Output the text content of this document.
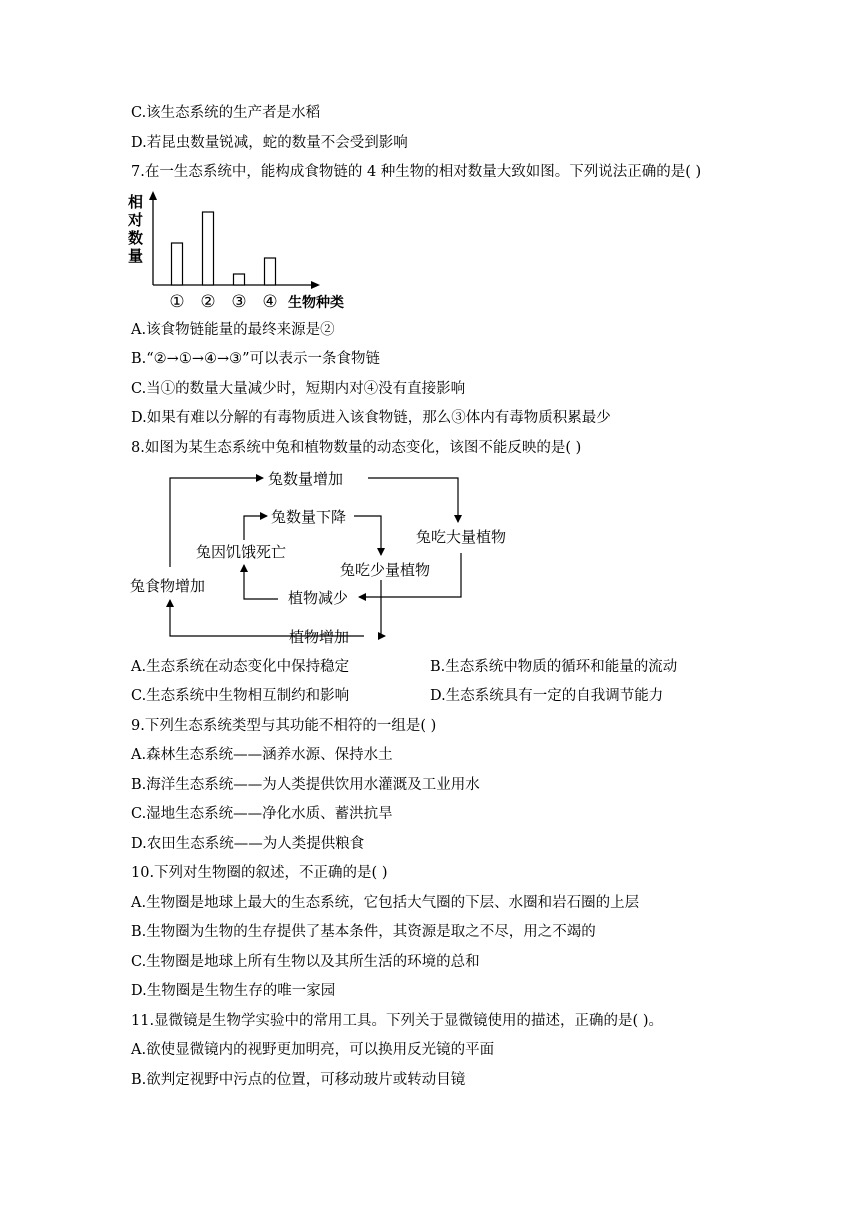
C.该生态系统的生产者是水稻
D.若昆虫数量锐减，蛇的数量不会受到影响
7.在一生态系统中，能构成食物链的 4 种生物的相对数量大致如图。下列说法正确的是( )
相
对
数
量
① ② ③ ④ 生物种类
A.该食物链能量的最终来源是②
B.“②→①→④→③”可以表示一条食物链
C.当①的数量大量减少时，短期内对④没有直接影响
D.如果有难以分解的有毒物质进入该食物链，那么③体内有毒物质积累最少
8.如图为某生态系统中兔和植物数量的动态变化，该图不能反映的是( )
兔数量增加
兔吃大量植物
兔数量下降
兔因饥饿死亡
兔吃少量植物
兔食物增加
植物减少
植物增加
A.生态系统在动态变化中保持稳定	B.生态系统中物质的循环和能量的流动
C.生态系统中生物相互制约和影响	D.生态系统具有一定的自我调节能力
9.下列生态系统类型与其功能不相符的一组是( )
A.森林生态系统——涵养水源、保持水土
B.海洋生态系统——为人类提供饮用水灌溉及工业用水
C.湿地生态系统——净化水质、蓄洪抗旱
D.农田生态系统——为人类提供粮食
10.下列对生物圈的叙述，不正确的是( )
A.生物圈是地球上最大的生态系统，它包括大气圈的下层、水圈和岩石圈的上层
B.生物圈为生物的生存提供了基本条件，其资源是取之不尽，用之不竭的
C.生物圈是地球上所有生物以及其所生活的环境的总和
D.生物圈是生物生存的唯一家园
11.显微镜是生物学实验中的常用工具。下列关于显微镜使用的描述，正确的是( )。
A.欲使显微镜内的视野更加明亮，可以换用反光镜的平面
B.欲判定视野中污点的位置，可移动玻片或转动目镜
